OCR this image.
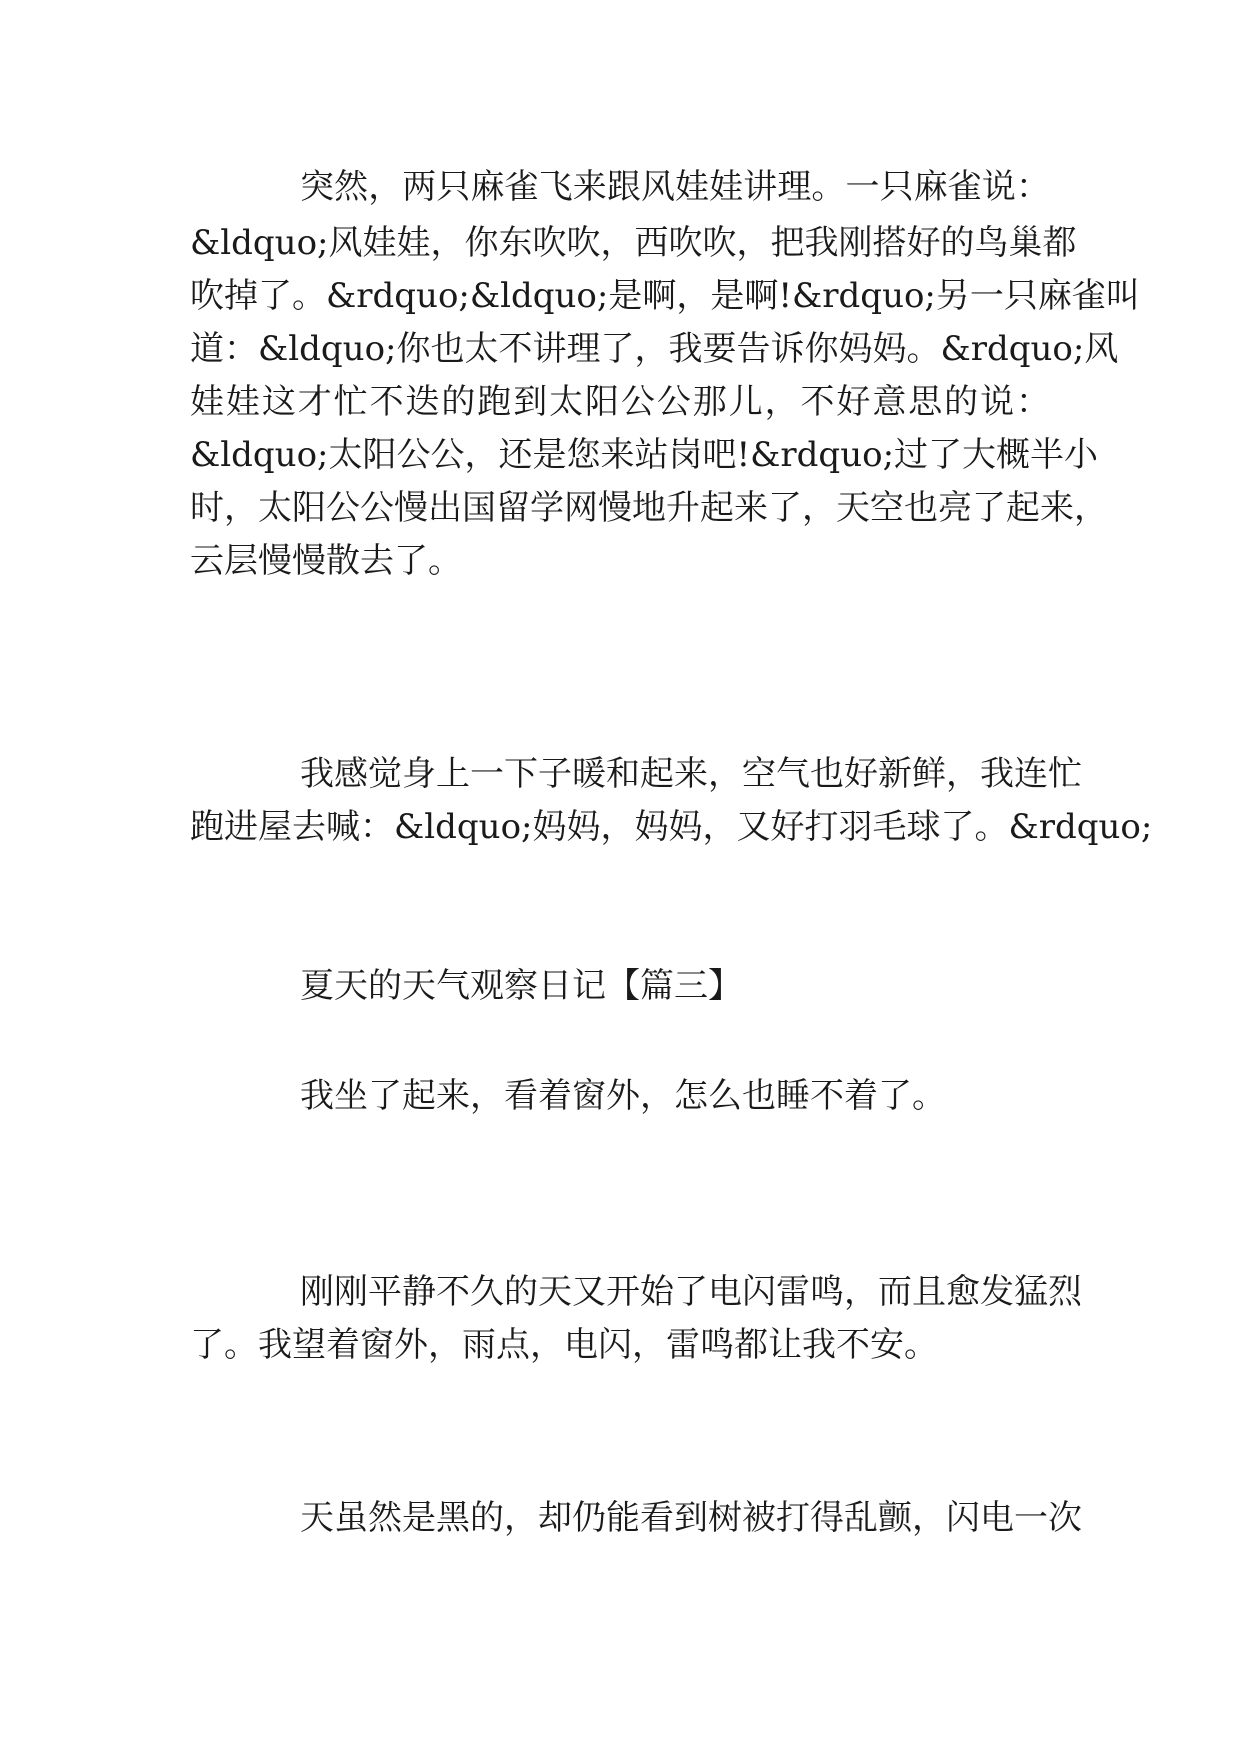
突然，两只麻雀飞来跟风娃娃讲理。一只麻雀说：
&ldquo;风娃娃，你东吹吹，西吹吹，把我刚搭好的鸟巢都
吹掉了。&rdquo;&ldquo;是啊，是啊!&rdquo;另一只麻雀叫
道：&ldquo;你也太不讲理了，我要告诉你妈妈。&rdquo;风
娃娃这才忙不迭的跑到太阳公公那儿，不好意思的说：
&ldquo;太阳公公，还是您来站岗吧!&rdquo;过了大概半小
时，太阳公公慢出国留学网慢地升起来了，天空也亮了起来，
云层慢慢散去了。
我感觉身上一下子暖和起来，空气也好新鲜，我连忙
跑进屋去喊：&ldquo;妈妈，妈妈，又好打羽毛球了。&rdquo;
夏天的天气观察日记【篇三】
我坐了起来，看着窗外，怎么也睡不着了。
刚刚平静不久的天又开始了电闪雷鸣，而且愈发猛烈
了。我望着窗外，雨点，电闪，雷鸣都让我不安。
天虽然是黑的，却仍能看到树被打得乱颤，闪电一次
